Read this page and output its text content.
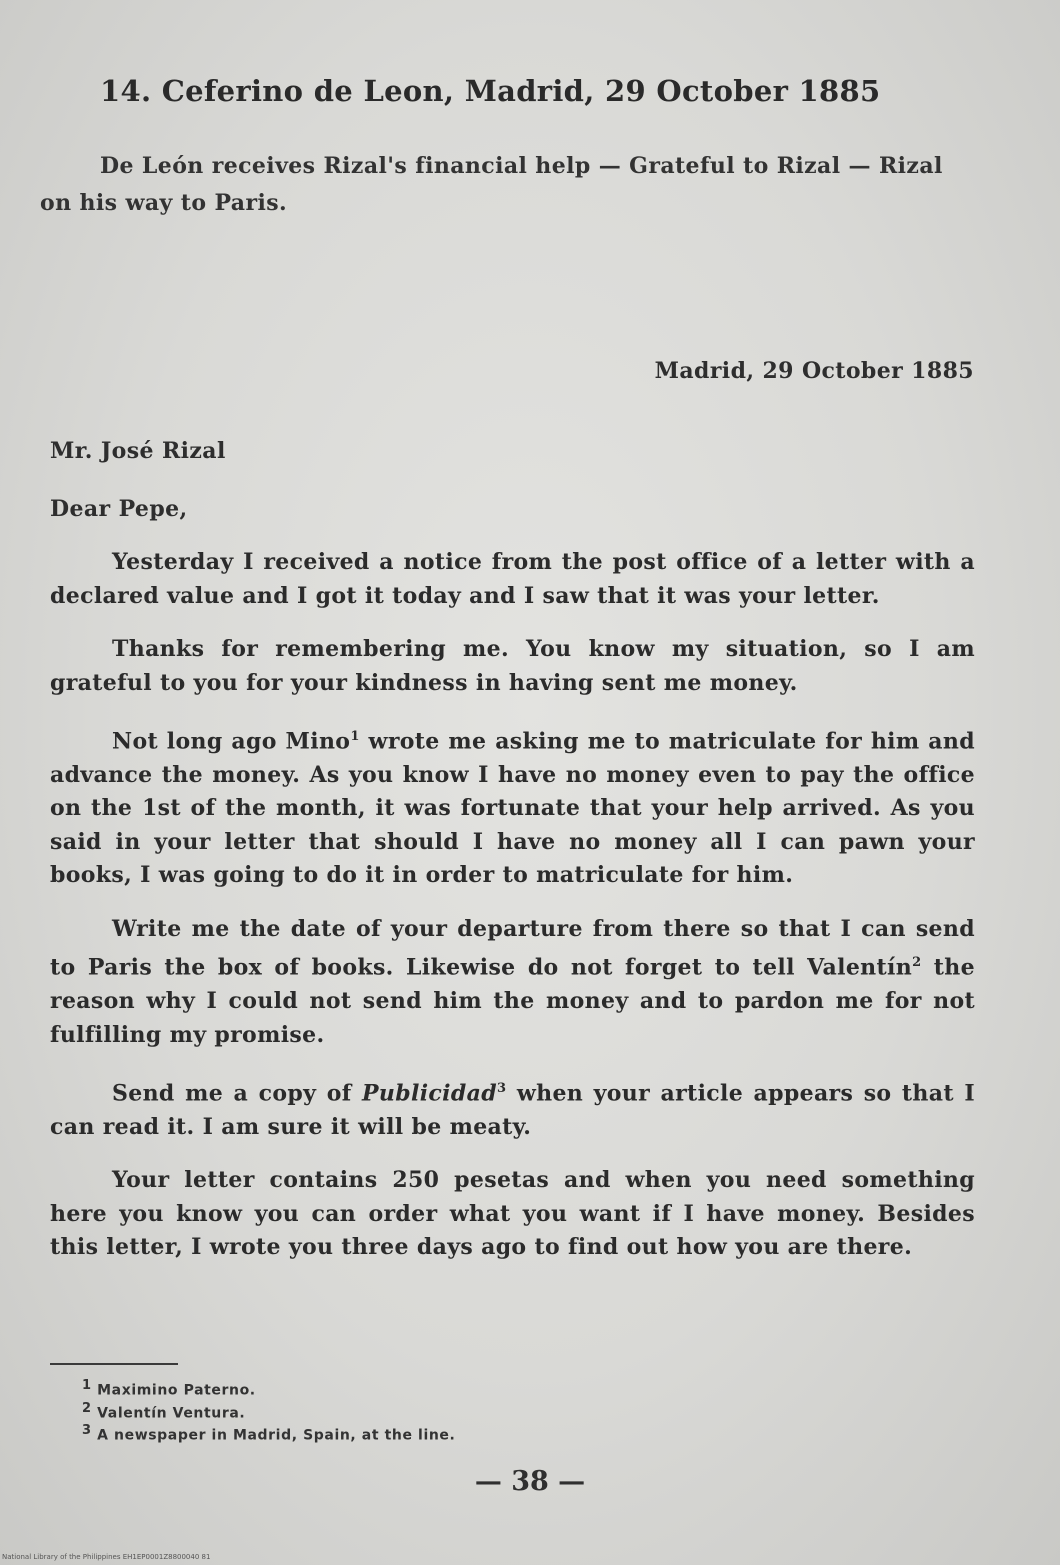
14. Ceferino de Leon, Madrid, 29 October 1885
De León receives Rizal's financial help — Grateful to Rizal — Rizal on his way to Paris.
Madrid, 29 October 1885
Mr. José Rizal
Dear Pepe,

Yesterday I received a notice from the post office of a letter with a declared value and I got it today and I saw that it was your letter.

Thanks for remembering me. You know my situation, so I am grateful to you for your kindness in having sent me money.

Not long ago Mino$^1$ wrote me asking me to matriculate for him and advance the money. As you know I have no money even to pay the office on the 1st of the month, it was fortunate that your help arrived. As you said in your letter that should I have no money all I can pawn your books, I was going to do it in order to matriculate for him.

Write me the date of your departure from there so that I can send to Paris the box of books. Likewise do not forget to tell Valentín$^2$ the reason why I could not send him the money and to pardon me for not fulfilling my promise.

Send me a copy of Publicidad$^3$ when your article appears so that I can read it. I am sure it will be meaty.

Your letter contains 250 pesetas and when you need something here you know you can order what you want if I have money. Besides this letter, I wrote you three days ago to find out how you are there.

$^1$ Maximino Paterno.

$^2$ Valentín Ventura.

$^3$ A newspaper in Madrid, Spain, at the line.

— 38 —
National Library of the Philippines EH1EP0001Z8800040 81
